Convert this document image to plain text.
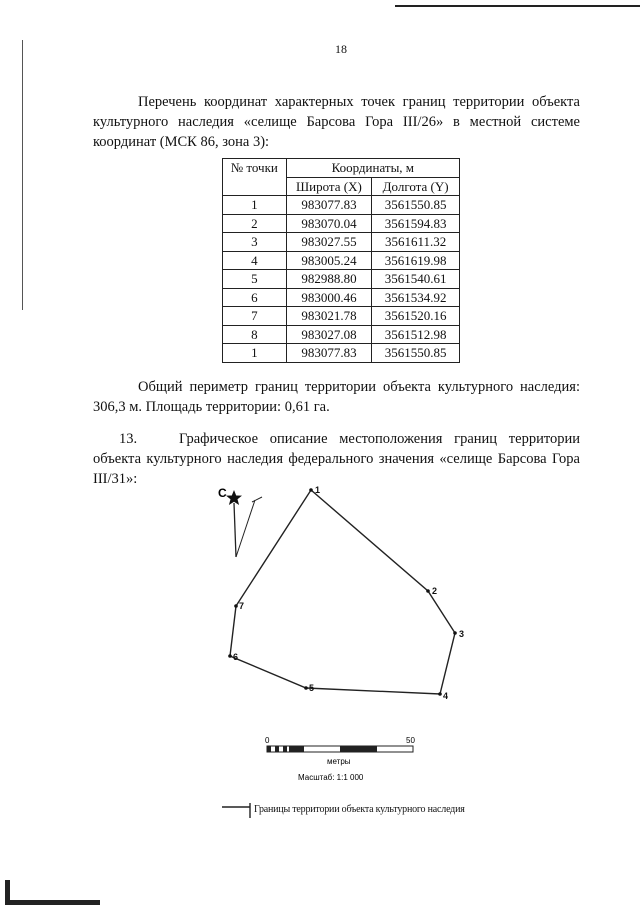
18
Перечень координат характерных точек границ территории объекта культурного наследия «селище Барсова Гора III/26» в местной системе координат (МСК 86, зона 3):
№ точки	Координаты, м	
	Широта (X)	Долгота (Y)
1	983077.83	3561550.85
2	983070.04	3561594.83
3	983027.55	3561611.32
4	983005.24	3561619.98
5	982988.80	3561540.61
6	983000.46	3561534.92
7	983021.78	3561520.16
8	983027.08	3561512.98
1	983077.83	3561550.85
Общий периметр границ территории объекта культурного наследия: 306,3 м. Площадь территории: 0,61 га.
13.	Графическое описание местоположения границ территории объекта культурного наследия федерального значения «селище Барсова Гора III/31»:
С	1
2
3
4
5
6
7
0	50
метры
Масштаб: 1:1 000
Границы территории объекта культурного наследия
